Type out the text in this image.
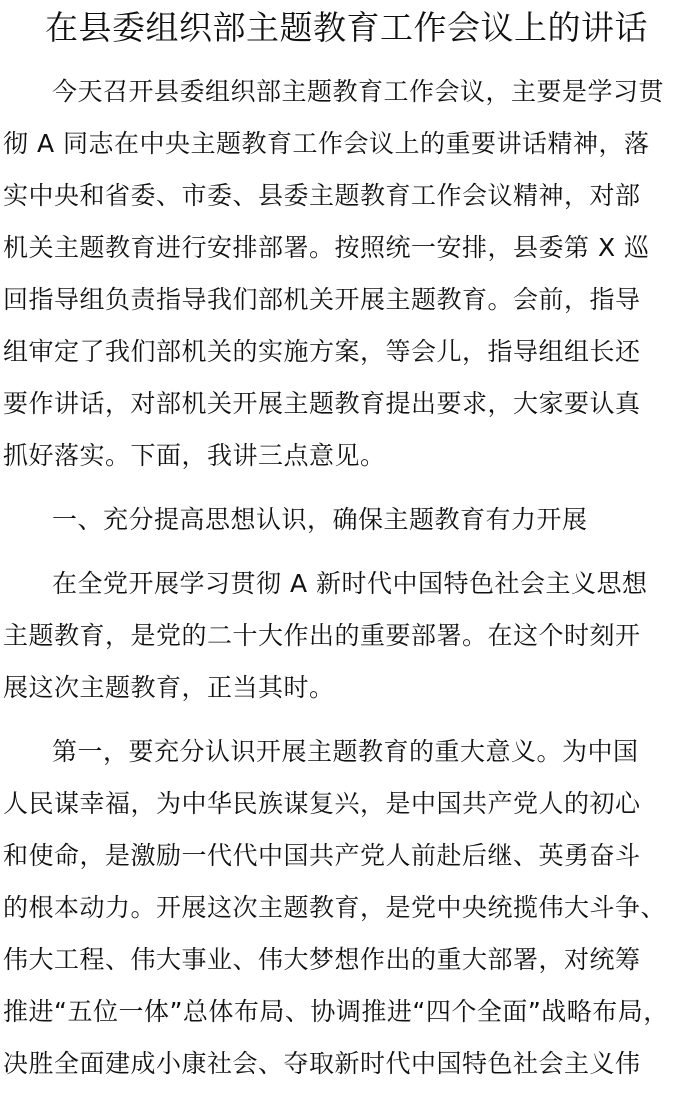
在县委组织部主题教育工作会议上的讲话

今天召开县委组织部主题教育工作会议，主要是学习贯

彻 A 同志在中央主题教育工作会议上的重要讲话精神，落

实中央和省委、市委、县委主题教育工作会议精神，对部

机关主题教育进行安排部署。按照统一安排，县委第 X 巡

回指导组负责指导我们部机关开展主题教育。会前，指导

组审定了我们部机关的实施方案，等会儿，指导组组长还

要作讲话，对部机关开展主题教育提出要求，大家要认真

抓好落实。下面，我讲三点意见。

一、充分提高思想认识，确保主题教育有力开展

在全党开展学习贯彻 A 新时代中国特色社会主义思想

主题教育，是党的二十大作出的重要部署。在这个时刻开

展这次主题教育，正当其时。

第一，要充分认识开展主题教育的重大意义。为中国

人民谋幸福，为中华民族谋复兴，是中国共产党人的初心

和使命，是激励一代代中国共产党人前赴后继、英勇奋斗

的根本动力。开展这次主题教育，是党中央统揽伟大斗争、

伟大工程、伟大事业、伟大梦想作出的重大部署，对统筹

推进“五位一体”总体布局、协调推进“四个全面”战略布局，

决胜全面建成小康社会、夺取新时代中国特色社会主义伟
